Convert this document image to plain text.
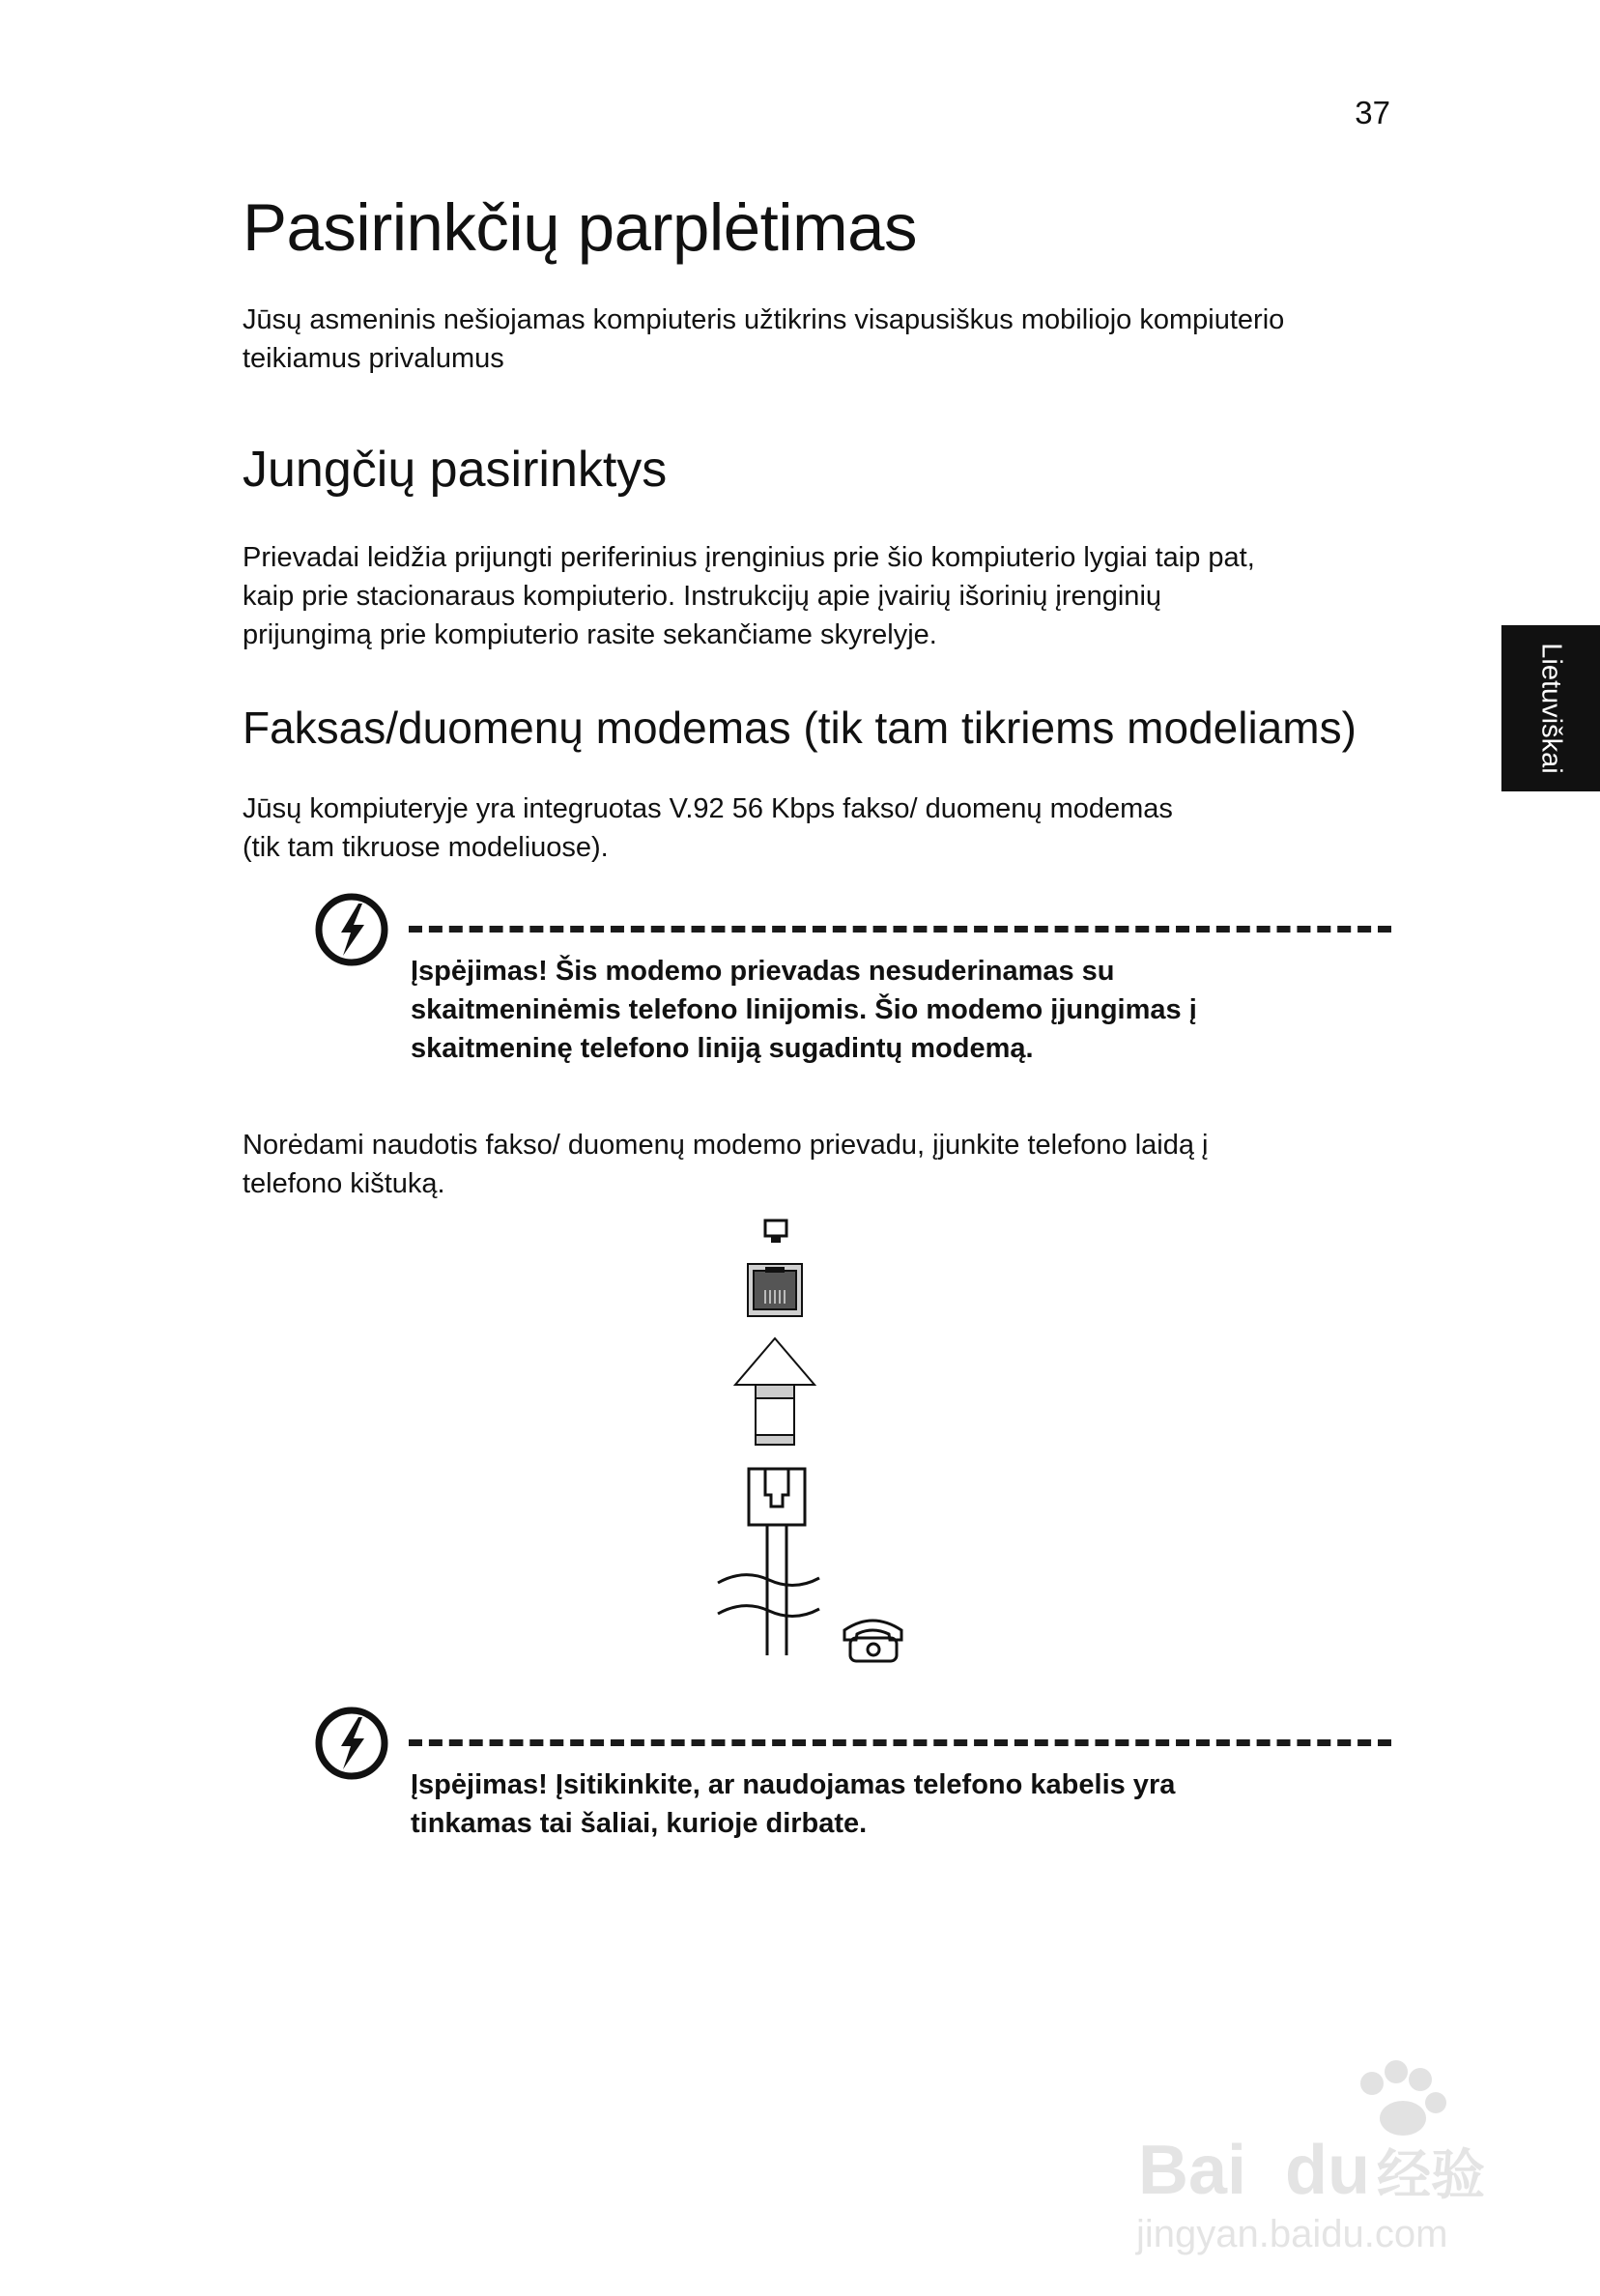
37
Pasirinkčių parplėtimas

Jūsų asmeninis nešiojamas kompiuteris užtikrins visapusiškus mobiliojo kompiuterio
teikiamus privalumus

Jungčių pasirinktys

Prievadai leidžia prijungti periferinius įrenginius prie šio kompiuterio lygiai taip pat,
kaip prie stacionaraus kompiuterio. Instrukcijų apie įvairių išorinių įrenginių
prijungimą prie kompiuterio rasite sekančiame skyrelyje.

Faksas/duomenų modemas (tik tam tikriems modeliams)

Jūsų kompiuteryje yra integruotas V.92 56 Kbps fakso/ duomenų modemas
(tik tam tikruose modeliuose).

Įspėjimas! Šis modemo prievadas nesuderinamas su
skaitmeninėmis telefono linijomis. Šio modemo įjungimas į
skaitmeninę telefono liniją sugadintų modemą.

Norėdami naudotis fakso/ duomenų modemo prievadu, įjunkite telefono laidą į
telefono kištuką.

Įspėjimas! Įsitikinkite, ar naudojamas telefono kabelis yra
tinkamas tai šaliai, kurioje dirbate.

Lietuviškai
Bai du 经验
jingyan.baidu.com
